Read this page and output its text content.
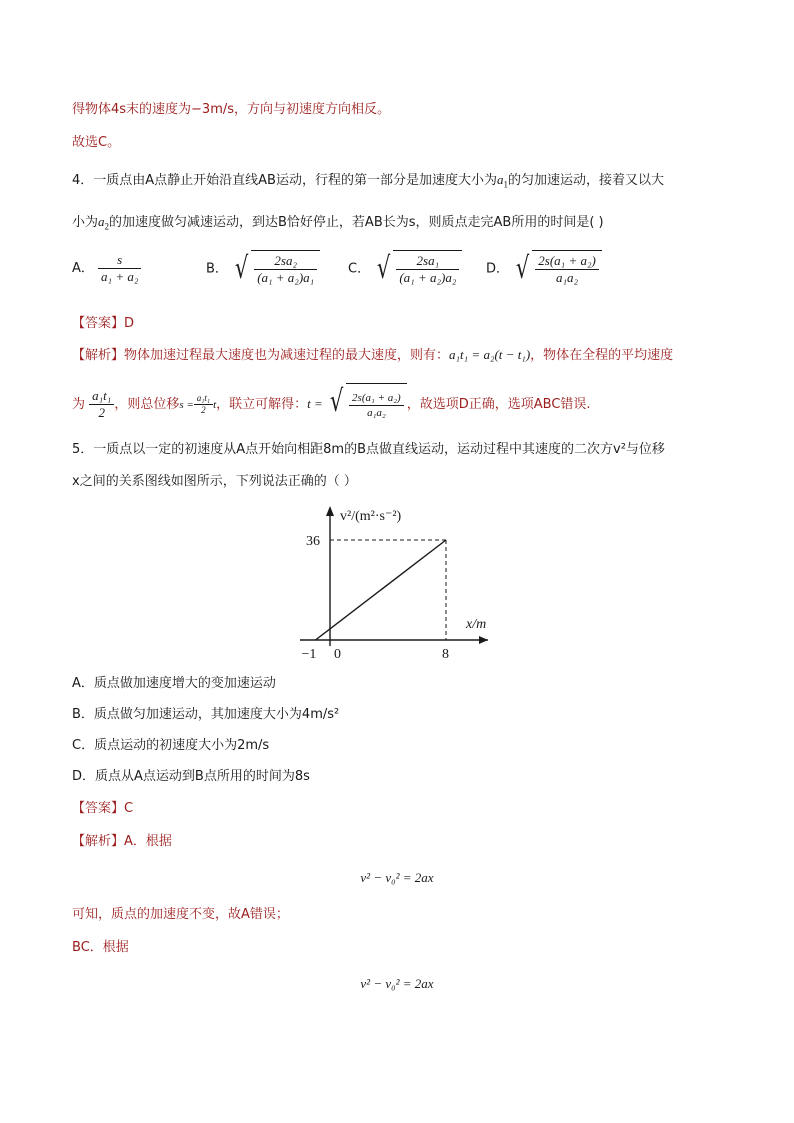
得物体4s末的速度为−3m/s，方向与初速度方向相反。
故选C。
4．一质点由A点静止开始沿直线AB运动，行程的第一部分是加速度大小为$a_1$的匀加速运动，接着又以大
小为$a_2$的加速度做匀减速运动，到达B恰好停止，若AB长为s，则质点走完AB所用的时间是( )
A． $\frac{s}{\text{a₁ + a₂}}$	B． √ $\frac{\text{2sa₂}}{\text{(a₁ + a₂)a₁}}$ C． √ $\frac{\text{2sa₁}}{\text{(a₁ + a₂)a₂}}$ D． √ $\frac{\text{2s(a₁ + a₂)}}{\text{a₁a₂}}$
【答案】D
【解析】物体加速过程最大速度也为减速过程的最大速度，则有：a₁t₁ = a₂(t − t₁)，物体在全程的平均速度
为 $\frac{\text{a₁t₁}}{2}$ ，则总位移$s = \frac{\text{a₁t₁}}{2}$ t，联立可解得：t = √ $\frac{\text{2s(a₁ + a₂)}}{\text{a₁a₂}}$ ，故选项D正确，选项ABC错误.
5．一质点以一定的初速度从A点开始向相距8m的B点做直线运动，运动过程中其速度的二次方v²与位移
x之间的关系图线如图所示，下列说法正确的（ ）
−1 0	8
36
v²/(m²·s⁻²)
x/m
A．质点做加速度增大的变加速运动
B．质点做匀加速运动，其加速度大小为4m/s²
C．质点运动的初速度大小为2m/s
D．质点从A点运动到B点所用的时间为8s
【答案】C
【解析】A．根据
v² − v₀² = 2ax
可知，质点的加速度不变，故A错误；
BC．根据
v² − v₀² = 2ax
